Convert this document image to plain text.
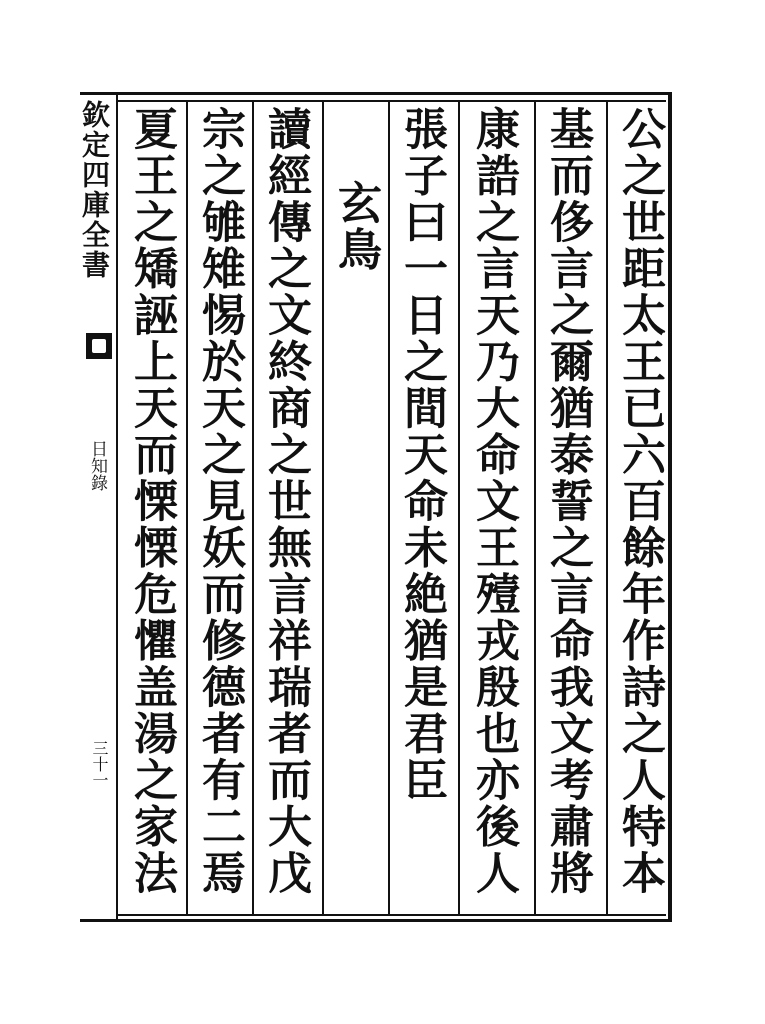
欽定四庫全書
日知錄
三十一
公之世距太王已六百餘年作詩之人特本
基而侈言之爾猶泰誓之言命我文考肅將
康誥之言天乃大命文王殪戎殷也亦後人
張子曰一日之間天命未絶猶是君臣
玄鳥
讀經傳之文終商之世無言祥瑞者而大戊
宗之雊雉惕於天之見妖而修德者有二焉
夏王之矯誣上天而慄慄危懼盖湯之家法
